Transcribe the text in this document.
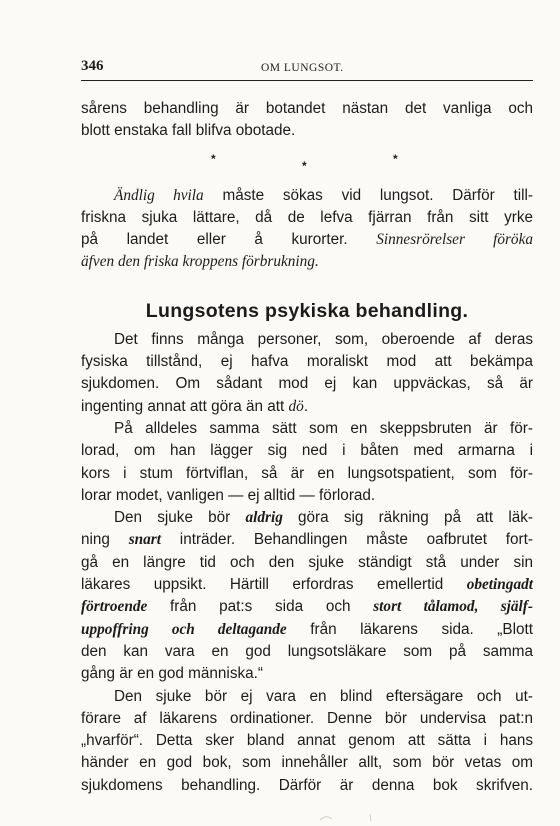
346	OM LUNGSOT.

sårens behandling är botandet nästan det vanliga och

blott enstaka fall blifva obotade.

*	*	*

Ändlig hvila måste sökas vid lungsot. Därför till-

friskna sjuka lättare, då de lefva fjärran från sitt yrke

på landet eller å kurorter. Sinnesrörelser föröka

äfven den friska kroppens förbrukning.

Lungsotens psykiska behandling.

Det finns många personer, som, oberoende af deras

fysiska tillstånd, ej hafva moraliskt mod att bekämpa

sjukdomen. Om sådant mod ej kan uppväckas, så är

ingenting annat att göra än att dö.

På alldeles samma sätt som en skeppsbruten är för-

lorad, om han lägger sig ned i båten med armarna i

kors i stum förtviflan, så är en lungsotspatient, som för-

lorar modet, vanligen — ej alltid — förlorad.

Den sjuke bör aldrig göra sig räkning på att läk-

ning snart inträder. Behandlingen måste oafbrutet fort-

gå en längre tid och den sjuke ständigt stå under sin

läkares uppsikt. Härtill erfordras emellertid obetingadt

förtroende från pat:s sida och stort tålamod, själf-

uppoffring och deltagande från läkarens sida. „Blott

den kan vara en god lungsotsläkare som på samma

gång är en god människa.“

Den sjuke bör ej vara en blind eftersägare och ut-

förare af läkarens ordinationer. Denne bör undervisa pat:n

„hvarför“. Detta sker bland annat genom att sätta i hans

händer en god bok, som innehåller allt, som bör vetas om

sjukdomens behandling. Därför är denna bok skrifven.
